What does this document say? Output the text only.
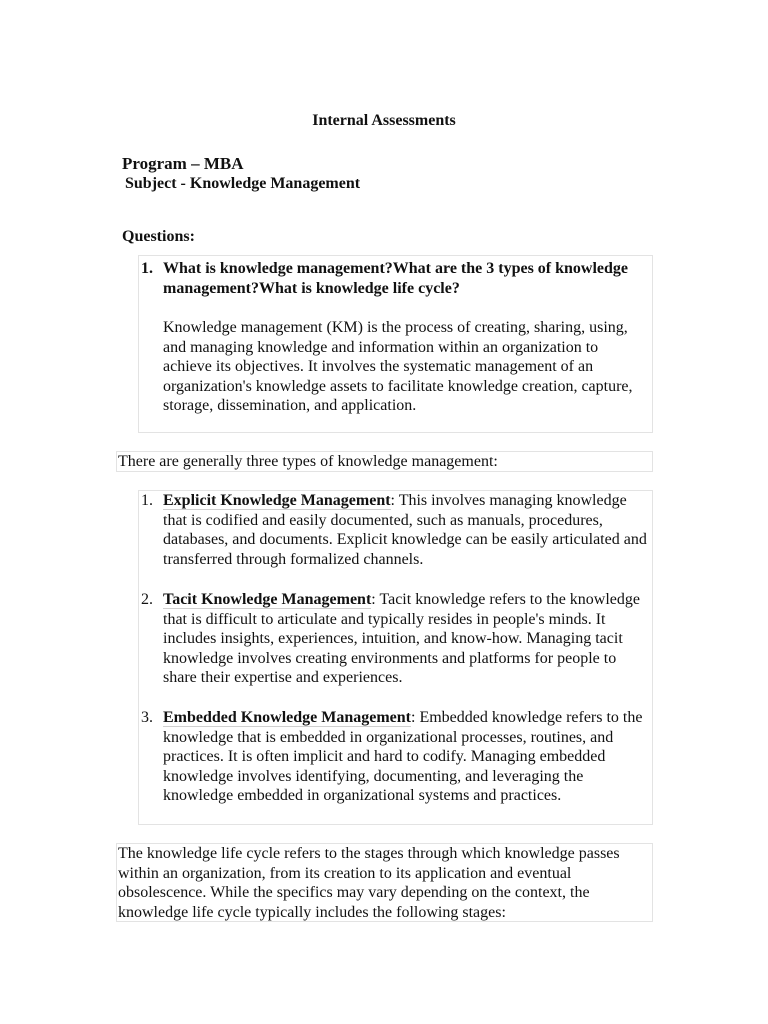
Internal Assessments
Program – MBA
Subject - Knowledge Management
Questions:
1. What is knowledge management?What are the 3 types of knowledge management?What is knowledge life cycle?
Knowledge management (KM) is the process of creating, sharing, using, and managing knowledge and information within an organization to achieve its objectives. It involves the systematic management of an organization's knowledge assets to facilitate knowledge creation, capture, storage, dissemination, and application.
There are generally three types of knowledge management:
1. Explicit Knowledge Management: This involves managing knowledge that is codified and easily documented, such as manuals, procedures, databases, and documents. Explicit knowledge can be easily articulated and transferred through formalized channels.
2. Tacit Knowledge Management: Tacit knowledge refers to the knowledge that is difficult to articulate and typically resides in people's minds. It includes insights, experiences, intuition, and know-how. Managing tacit knowledge involves creating environments and platforms for people to share their expertise and experiences.
3. Embedded Knowledge Management: Embedded knowledge refers to the knowledge that is embedded in organizational processes, routines, and practices. It is often implicit and hard to codify. Managing embedded knowledge involves identifying, documenting, and leveraging the knowledge embedded in organizational systems and practices.
The knowledge life cycle refers to the stages through which knowledge passes within an organization, from its creation to its application and eventual obsolescence. While the specifics may vary depending on the context, the knowledge life cycle typically includes the following stages:
